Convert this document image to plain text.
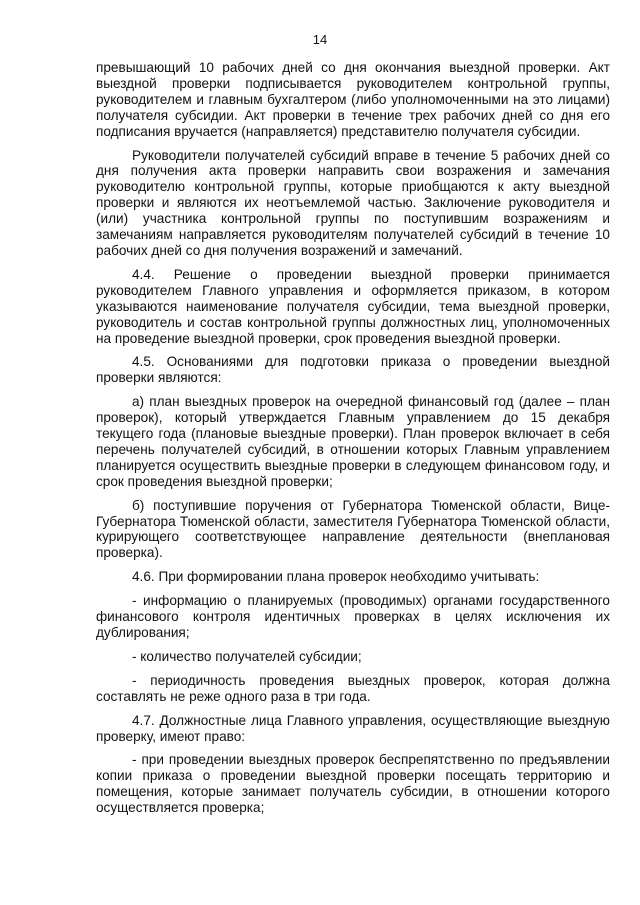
14

превышающий 10 рабочих дней со дня окончания выездной проверки. Акт выездной проверки подписывается руководителем контрольной группы, руководителем и главным бухгалтером (либо уполномоченными на это лицами) получателя субсидии. Акт проверки в течение трех рабочих дней со дня его подписания вручается (направляется) представителю получателя субсидии.

Руководители получателей субсидий вправе в течение 5 рабочих дней со дня получения акта проверки направить свои возражения и замечания руководителю контрольной группы, которые приобщаются к акту выездной проверки и являются их неотъемлемой частью. Заключение руководителя и (или) участника контрольной группы по поступившим возражениям и замечаниям направляется руководителям получателей субсидий в течение 10 рабочих дней со дня получения возражений и замечаний.

4.4. Решение о проведении выездной проверки принимается руководителем Главного управления и оформляется приказом, в котором указываются наименование получателя субсидии, тема выездной проверки, руководитель и состав контрольной группы должностных лиц, уполномоченных на проведение выездной проверки, срок проведения выездной проверки.

4.5. Основаниями для подготовки приказа о проведении выездной проверки являются:

а) план выездных проверок на очередной финансовый год (далее – план проверок), который утверждается Главным управлением до 15 декабря текущего года (плановые выездные проверки). План проверок включает в себя перечень получателей субсидий, в отношении которых Главным управлением планируется осуществить выездные проверки в следующем финансовом году, и срок проведения выездной проверки;

б) поступившие поручения от Губернатора Тюменской области, Вице-Губернатора Тюменской области, заместителя Губернатора Тюменской области, курирующего соответствующее направление деятельности (внеплановая проверка).

4.6. При формировании плана проверок необходимо учитывать:

- информацию о планируемых (проводимых) органами государственного финансового контроля идентичных проверках в целях исключения их дублирования;

- количество получателей субсидии;

- периодичность проведения выездных проверок, которая должна составлять не реже одного раза в три года.

4.7. Должностные лица Главного управления, осуществляющие выездную проверку, имеют право:

- при проведении выездных проверок беспрепятственно по предъявлении копии приказа о проведении выездной проверки посещать территорию и помещения, которые занимает получатель субсидии, в отношении которого осуществляется проверка;
